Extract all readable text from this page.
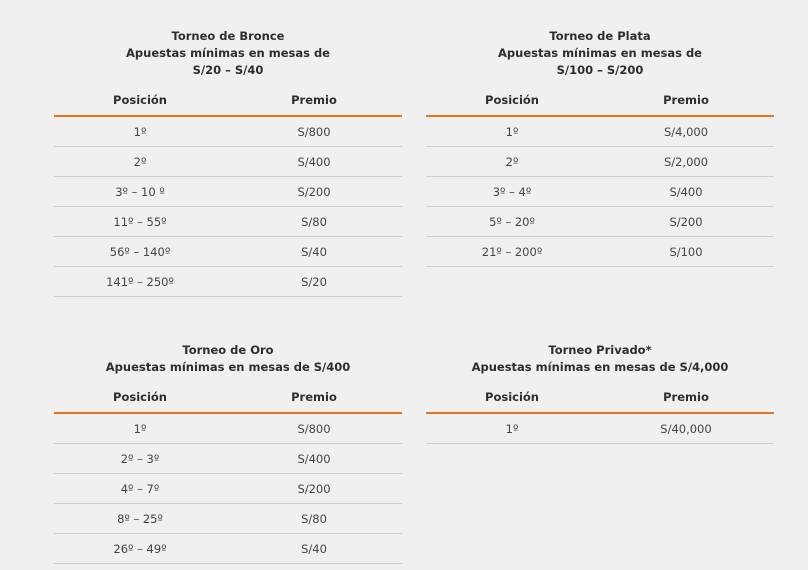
Torneo de Bronce
Apuestas mínimas en mesas de
S/20 – S/40
Posición	Premio
1º	S/800
2º	S/400
3º – 10 º	S/200
11º – 55º	S/80
56º – 140º	S/40
141º – 250º	S/20
Torneo de Plata
Apuestas mínimas en mesas de
S/100 – S/200
Posición	Premio
1º	S/4,000
2º	S/2,000
3º – 4º	S/400
5º – 20º	S/200
21º – 200º	S/100
Torneo de Oro
Apuestas mínimas en mesas de S/400
Posición	Premio
1º	S/800
2º – 3º	S/400
4º – 7º	S/200
8º – 25º	S/80
26º – 49º	S/40
Torneo Privado*
Apuestas mínimas en mesas de S/4,000
Posición	Premio
1º	S/40,000
